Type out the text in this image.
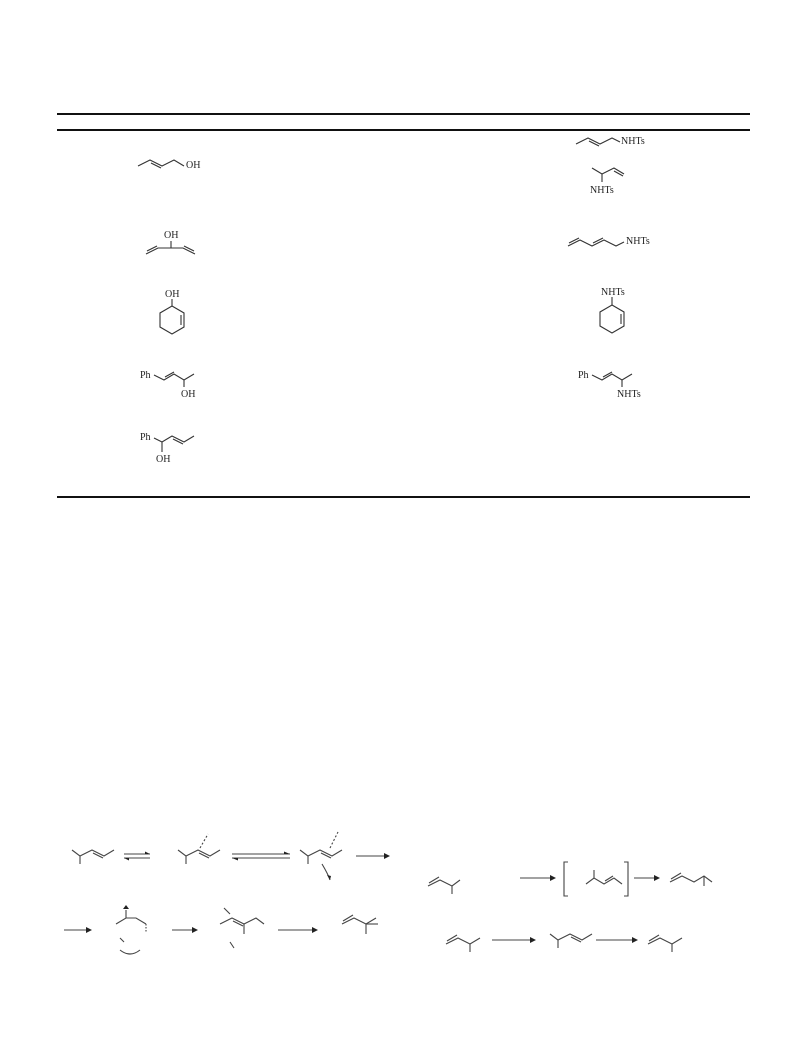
OH
NHTs
NHTs
OH
NHTs
OH	NHTs
Ph
OH
Ph
NHTs
Ph
OH
